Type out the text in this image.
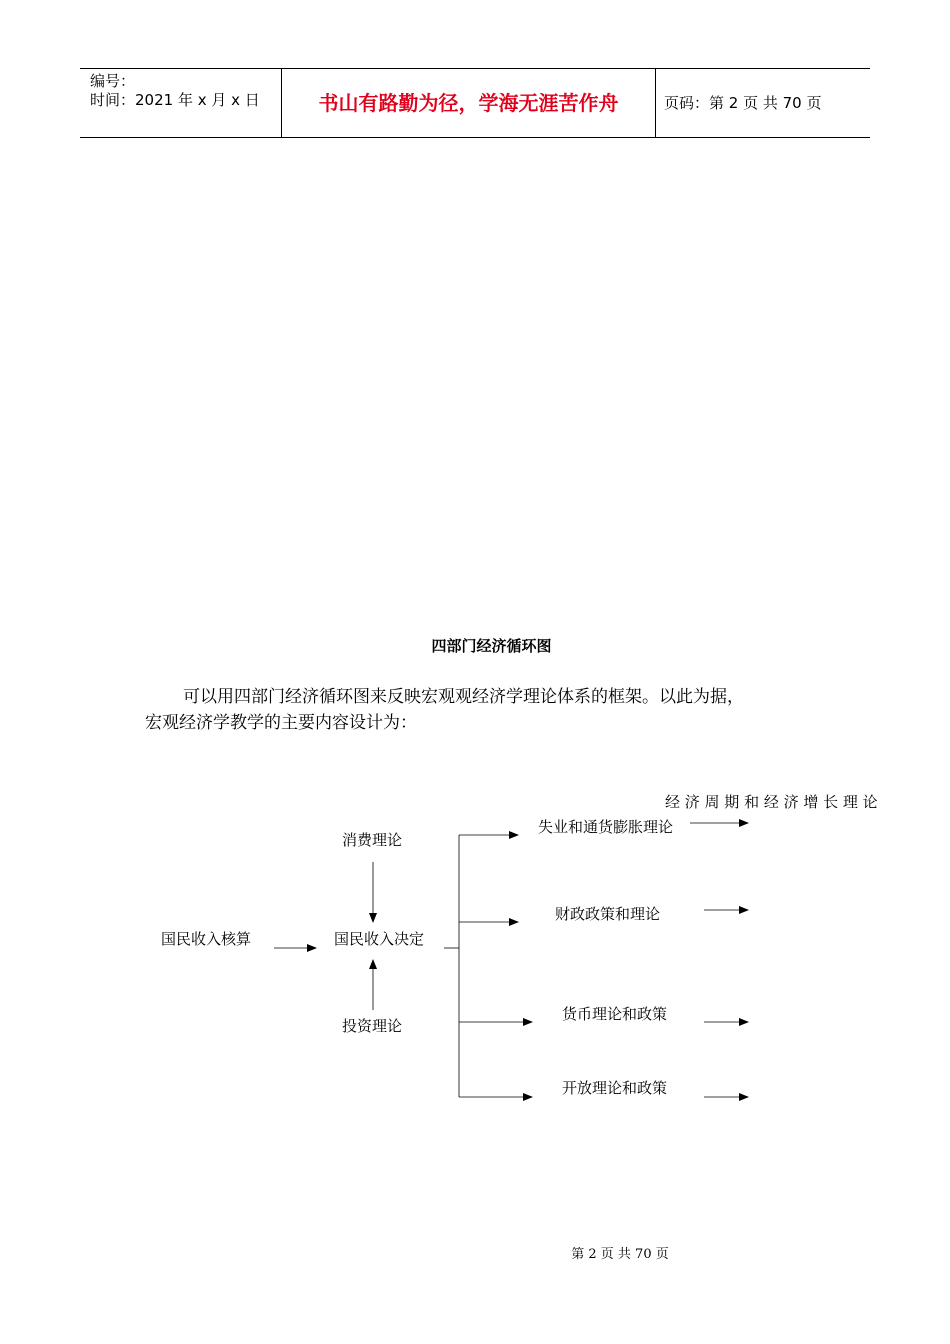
编号：
时间：2021 年 x 月 x 日	书山有路勤为径，学海无涯苦作舟	页码：第 2 页 共 70 页
四部门经济循环图
可以用四部门经济循环图来反映宏观观经济学理论体系的框架。以此为据，
宏观经济学教学的主要内容设计为：
经 济 周 期 和 经 济 增 长 理 论
消费理论
国民收入核算	国民收入决定
投资理论
失业和通货膨胀理论
财政政策和理论
货币理论和政策
开放理论和政策
第 2 页 共 70 页
